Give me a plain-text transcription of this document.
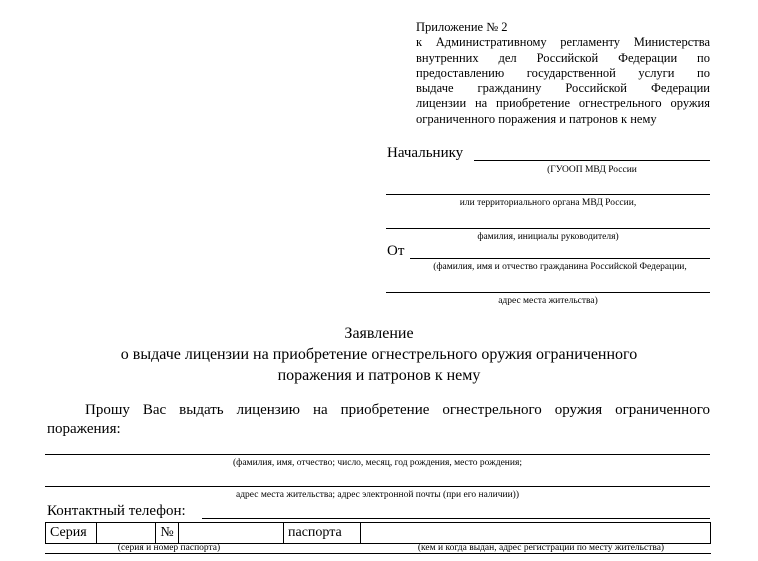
Приложение № 2
к Административному регламенту Министерства
внутренних дел Российской Федерации по
предоставлению государственной услуги по
выдаче гражданину Российской Федерации
лицензии на приобретение огнестрельного оружия
ограниченного поражения и патронов к нему
Начальнику
(ГУООП МВД России
или территориального органа МВД России,
фамилия, инициалы руководителя)
От
(фамилия, имя и отчество гражданина Российской Федерации,
адрес места жительства)
Заявление
о выдаче лицензии на приобретение огнестрельного оружия ограниченного
поражения и патронов к нему
Прошу Вас выдать лицензию на приобретение огнестрельного оружия ограниченного поражения:
(фамилия, имя, отчество; число, месяц, год рождения, место рождения;
адрес места жительства; адрес электронной почты (при его наличии))
Контактный телефон:
Серия		№		паспорта	
(серия и номер паспорта)	(кем и когда выдан, адрес регистрации по месту жительства)
